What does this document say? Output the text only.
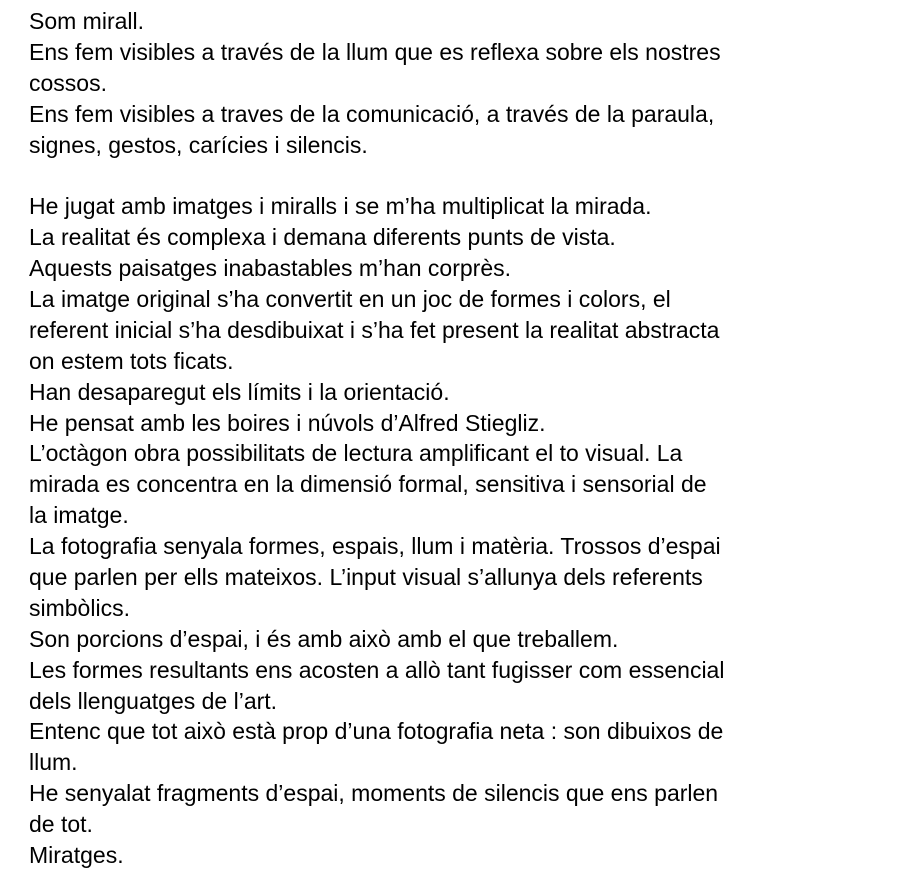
Som mirall.
Ens fem visibles a través de la llum que es reflexa sobre els nostres
cossos.
Ens fem visibles a traves de la comunicació, a través de la paraula,
signes, gestos, carícies i silencis.
He jugat amb imatges i miralls i se m’ha multiplicat la mirada.
La realitat és complexa i demana diferents punts de vista.
Aquests paisatges inabastables m’han corprès.
La imatge original s’ha convertit en un joc de formes i colors, el
referent inicial s’ha desdibuixat i s’ha fet present la realitat abstracta
on estem tots ficats.
Han desaparegut els límits i la orientació.
He pensat amb les boires i núvols d’Alfred Stiegliz.
L’octàgon obra possibilitats de lectura amplificant el to visual. La
mirada es concentra en la dimensió formal, sensitiva i sensorial de
la imatge.
La fotografia senyala formes, espais, llum i matèria. Trossos d’espai
que parlen per ells mateixos. L’input visual s’allunya dels referents
simbòlics.
Son porcions d’espai, i és amb això amb el que treballem.
Les formes resultants ens acosten a allò tant fugisser com essencial
dels llenguatges de l’art.
Entenc que tot això està prop d’una fotografia neta : son dibuixos de
llum.
He senyalat fragments d’espai, moments de silencis que ens parlen
de tot.
Miratges.
